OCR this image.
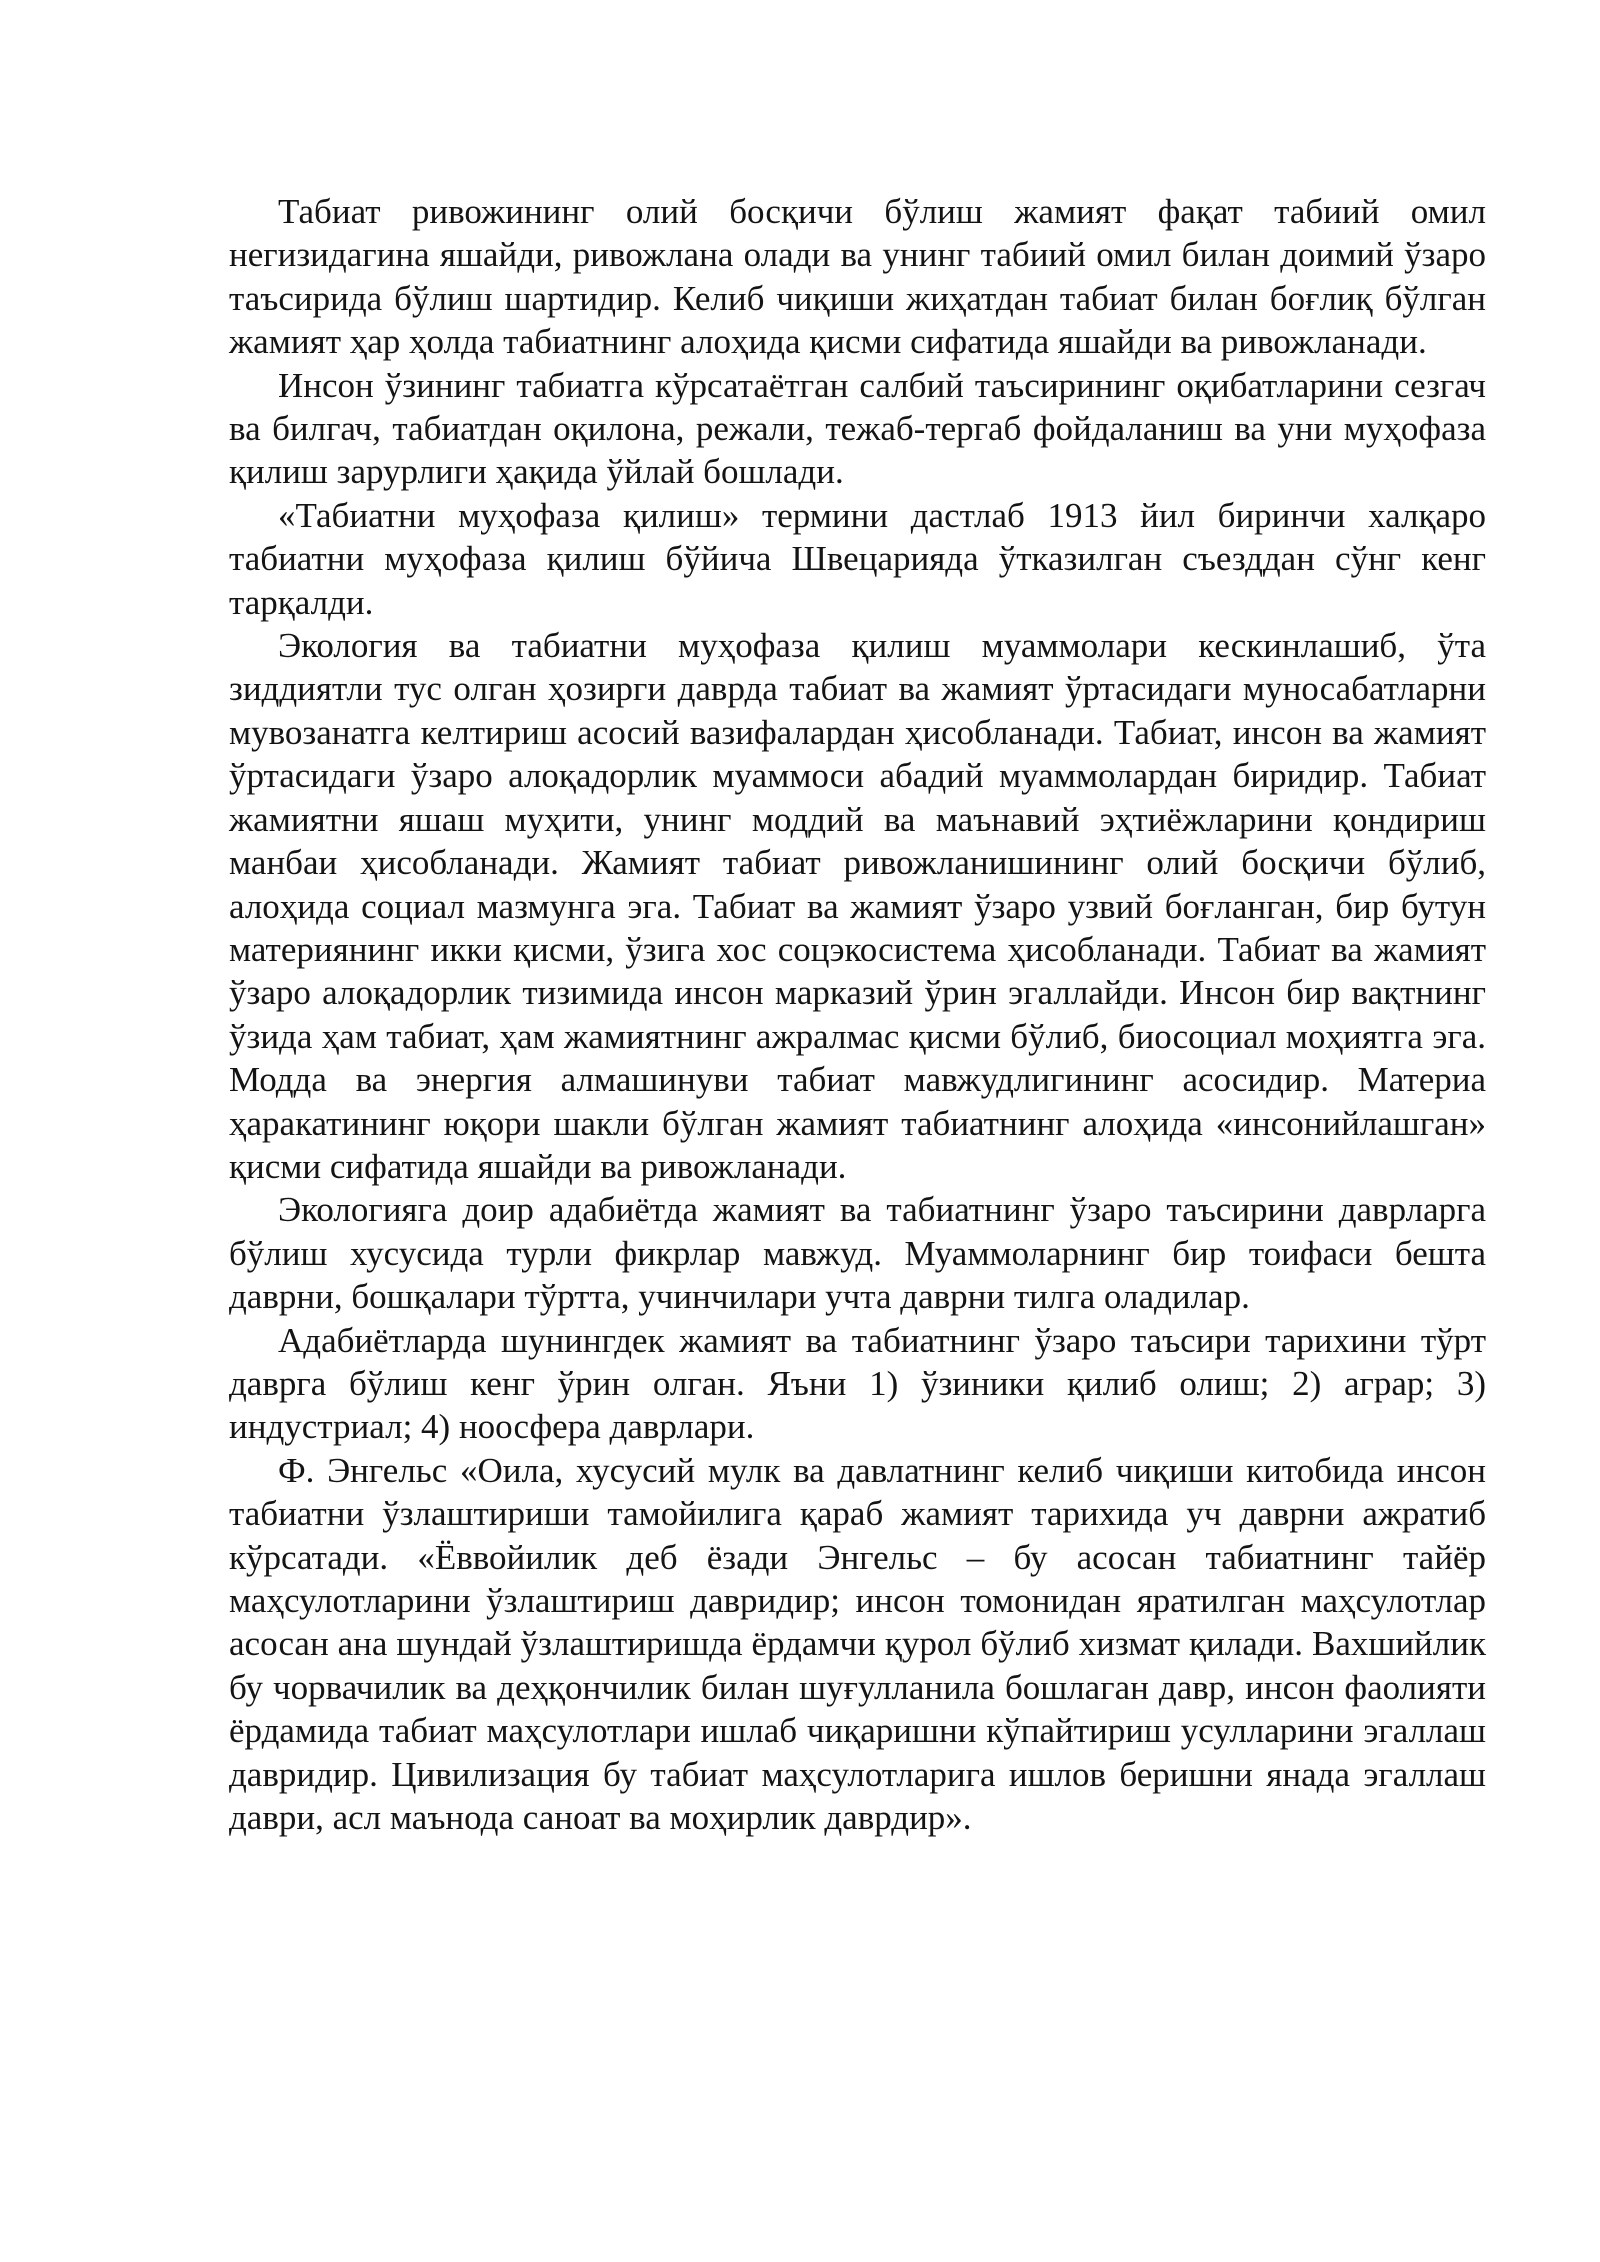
Табиат ривожининг олий босқичи бўлиш жамият фақат табиий омил негизидагина яшайди, ривожлана олади ва унинг табиий омил билан доимий ўзаро таъсирида бўлиш шартидир. Келиб чиқиши жиҳатдан табиат билан боғлиқ бўлган жамият ҳар ҳолда табиатнинг алоҳида қисми сифатида яшайди ва ривожланади.

Инсон ўзининг табиатга кўрсатаётган салбий таъсирининг оқибатларини сезгач ва билгач, табиатдан оқилона, режали, тежаб-тергаб фойдаланиш ва уни муҳофаза қилиш зарурлиги ҳақида ўйлай бошлади.

«Табиатни муҳофаза қилиш» термини дастлаб 1913 йил биринчи халқаро табиатни муҳофаза қилиш бўйича Швецарияда ўтказилган съезддан сўнг кенг тарқалди.

Экология ва табиатни муҳофаза қилиш муаммолари кескинлашиб, ўта зиддиятли тус олган ҳозирги даврда табиат ва жамият ўртасидаги муносабатларни мувозанатга келтириш асосий вазифалардан ҳисобланади. Табиат, инсон ва жамият ўртасидаги ўзаро алоқадорлик муаммоси абадий муаммолардан биридир. Табиат жамиятни яшаш муҳити, унинг моддий ва маънавий эҳтиёжларини қондириш манбаи ҳисобланади. Жамият табиат ривожланишининг олий босқичи бўлиб, алоҳида социал мазмунга эга. Табиат ва жамият ўзаро узвий боғланган, бир бутун материянинг икки қисми, ўзига хос соцэкосистема ҳисобланади. Табиат ва жамият ўзаро алоқадорлик тизимида инсон марказий ўрин эгаллайди. Инсон бир вақтнинг ўзида ҳам табиат, ҳам жамиятнинг ажралмас қисми бўлиб, биосоциал моҳиятга эга. Модда ва энергия алмашинуви табиат мавжудлигининг асосидир. Материа ҳаракатининг юқори шакли бўлган жамият табиатнинг алоҳида «инсонийлашган» қисми сифатида яшайди ва ривожланади.

Экологияга доир адабиётда жамият ва табиатнинг ўзаро таъсирини даврларга бўлиш хусусида турли фикрлар мавжуд. Муаммоларнинг бир тоифаси бешта даврни, бошқалари тўртта, учинчилари учта даврни тилга оладилар.

Адабиётларда шунингдек жамият ва табиатнинг ўзаро таъсири тарихини тўрт даврга бўлиш кенг ўрин олган. Яъни 1) ўзиники қилиб олиш; 2) аграр; 3) индустриал; 4) ноосфера даврлари.

Ф. Энгельс «Оила, хусусий мулк ва давлатнинг келиб чиқиши китобида инсон табиатни ўзлаштириши тамойилига қараб жамият тарихида уч даврни ажратиб кўрсатади. «Ёввойилик деб ёзади Энгельс – бу асосан табиатнинг тайёр маҳсулотларини ўзлаштириш давридир; инсон томонидан яратилган маҳсулотлар асосан ана шундай ўзлаштиришда ёрдамчи қурол бўлиб хизмат қилади. Вахшийлик бу чорвачилик ва деҳқончилик билан шуғулланила бошлаган давр, инсон фаолияти ёрдамида табиат маҳсулотлари ишлаб чиқаришни кўпайтириш усулларини эгаллаш давридир. Цивилизация бу табиат маҳсулотларига ишлов беришни янада эгаллаш даври, асл маънода саноат ва моҳирлик даврдир».
